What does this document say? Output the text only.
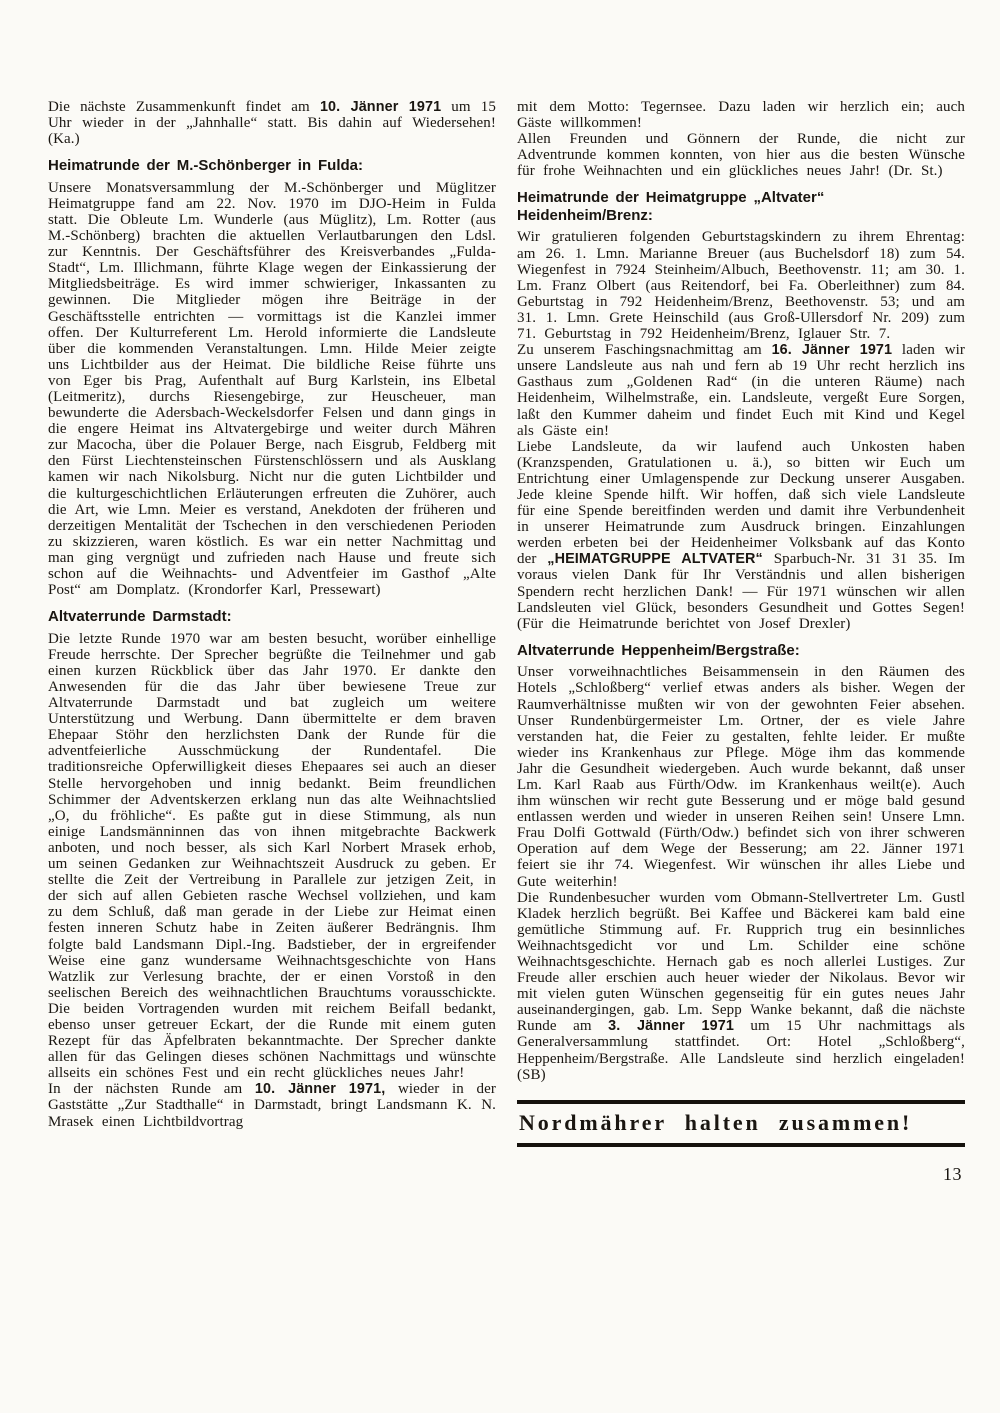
Die nächste Zusammenkunft findet am 10. Jänner 1971 um 15 Uhr wieder in der „Jahnhalle“ statt. Bis dahin auf Wiedersehen! (Ka.)

Heimatrunde der M.-Schönberger in Fulda:

Unsere Monatsversammlung der M.-Schönberger und Müglitzer Heimatgruppe fand am 22. Nov. 1970 im DJO-Heim in Fulda statt. Die Obleute Lm. Wunderle (aus Müglitz), Lm. Rotter (aus M.-Schönberg) brachten die aktuellen Verlautbarungen den Ldsl. zur Kenntnis. Der Geschäftsführer des Kreisverbandes „Fulda-Stadt“, Lm. Illichmann, führte Klage wegen der Einkassierung der Mitgliedsbeiträge. Es wird immer schwieriger, Inkassanten zu gewinnen. Die Mitglieder mögen ihre Beiträge in der Geschäftsstelle entrichten — vormittags ist die Kanzlei immer offen. Der Kulturreferent Lm. Herold informierte die Landsleute über die kommenden Veranstaltungen. Lmn. Hilde Meier zeigte uns Lichtbilder aus der Heimat. Die bildliche Reise führte uns von Eger bis Prag, Aufenthalt auf Burg Karlstein, ins Elbetal (Leitmeritz), durchs Riesengebirge, zur Heuscheuer, man bewunderte die Adersbach-Weckelsdorfer Felsen und dann gings in die engere Heimat ins Altvatergebirge und weiter durch Mähren zur Macocha, über die Polauer Berge, nach Eisgrub, Feldberg mit den Fürst Liechtensteinschen Fürstenschlössern und als Ausklang kamen wir nach Nikolsburg. Nicht nur die guten Lichtbilder und die kulturgeschichtlichen Erläuterungen erfreuten die Zuhörer, auch die Art, wie Lmn. Meier es verstand, Anekdoten der früheren und derzeitigen Mentalität der Tschechen in den verschiedenen Perioden zu skizzieren, waren köstlich. Es war ein netter Nachmittag und man ging vergnügt und zufrieden nach Hause und freute sich schon auf die Weihnachts- und Adventfeier im Gasthof „Alte Post“ am Domplatz. (Krondorfer Karl, Pressewart)

Altvaterrunde Darmstadt:

Die letzte Runde 1970 war am besten besucht, worüber einhellige Freude herrschte. Der Sprecher begrüßte die Teilnehmer und gab einen kurzen Rückblick über das Jahr 1970. Er dankte den Anwesenden für die das Jahr über bewiesene Treue zur Altvaterrunde Darmstadt und bat zugleich um weitere Unterstützung und Werbung. Dann übermittelte er dem braven Ehepaar Stöhr den herzlichsten Dank der Runde für die adventfeierliche Ausschmückung der Rundentafel. Die traditionsreiche Opferwilligkeit dieses Ehepaares sei auch an dieser Stelle hervorgehoben und innig bedankt. Beim freundlichen Schimmer der Adventskerzen erklang nun das alte Weihnachtslied „O, du fröhliche“. Es paßte gut in diese Stimmung, als nun einige Landsmänninnen das von ihnen mitgebrachte Backwerk anboten, und noch besser, als sich Karl Norbert Mrasek erhob, um seinen Gedanken zur Weihnachtszeit Ausdruck zu geben. Er stellte die Zeit der Vertreibung in Parallele zur jetzigen Zeit, in der sich auf allen Gebieten rasche Wechsel vollziehen, und kam zu dem Schluß, daß man gerade in der Liebe zur Heimat einen festen inneren Schutz habe in Zeiten äußerer Bedrängnis. Ihm folgte bald Landsmann Dipl.-Ing. Badstieber, der in ergreifender Weise eine ganz wundersame Weihnachtsgeschichte von Hans Watzlik zur Verlesung brachte, der er einen Vorstoß in den seelischen Bereich des weihnachtlichen Brauchtums vorausschickte. Die beiden Vortragenden wurden mit reichem Beifall bedankt, ebenso unser getreuer Eckart, der die Runde mit einem guten Rezept für das Äpfelbraten bekanntmachte. Der Sprecher dankte allen für das Gelingen dieses schönen Nachmittags und wünschte allseits ein schönes Fest und ein recht glückliches neues Jahr!

In der nächsten Runde am 10. Jänner 1971, wieder in der Gaststätte „Zur Stadthalle“ in Darmstadt, bringt Landsmann K. N. Mrasek einen Lichtbildvortrag

mit dem Motto: Tegernsee. Dazu laden wir herzlich ein; auch Gäste willkommen!

Allen Freunden und Gönnern der Runde, die nicht zur Adventrunde kommen konnten, von hier aus die besten Wünsche für frohe Weihnachten und ein glückliches neues Jahr! (Dr. St.)

Heimatrunde der Heimatgruppe „Altvater“ Heidenheim/Brenz:

Wir gratulieren folgenden Geburtstagskindern zu ihrem Ehrentag: am 26. 1. Lmn. Marianne Breuer (aus Buchelsdorf 18) zum 54. Wiegenfest in 7924 Steinheim/Albuch, Beethovenstr. 11; am 30. 1. Lm. Franz Olbert (aus Reitendorf, bei Fa. Oberleithner) zum 84. Geburtstag in 792 Heidenheim/Brenz, Beethovenstr. 53; und am 31. 1. Lmn. Grete Heinschild (aus Groß-Ullersdorf Nr. 209) zum 71. Geburtstag in 792 Heidenheim/Brenz, Iglauer Str. 7.

Zu unserem Faschingsnachmittag am 16. Jänner 1971 laden wir unsere Landsleute aus nah und fern ab 19 Uhr recht herzlich ins Gasthaus zum „Goldenen Rad“ (in die unteren Räume) nach Heidenheim, Wilhelmstraße, ein. Landsleute, vergeßt Eure Sorgen, laßt den Kummer daheim und findet Euch mit Kind und Kegel als Gäste ein!

Liebe Landsleute, da wir laufend auch Unkosten haben (Kranzspenden, Gratulationen u. ä.), so bitten wir Euch um Entrichtung einer Umlagenspende zur Deckung unserer Ausgaben. Jede kleine Spende hilft. Wir hoffen, daß sich viele Landsleute für eine Spende bereitfinden werden und damit ihre Verbundenheit in unserer Heimatrunde zum Ausdruck bringen. Einzahlungen werden erbeten bei der Heidenheimer Volksbank auf das Konto der „HEIMATGRUPPE ALTVATER“ Sparbuch-Nr. 31 31 35. Im voraus vielen Dank für Ihr Verständnis und allen bisherigen Spendern recht herzlichen Dank! — Für 1971 wünschen wir allen Landsleuten viel Glück, besonders Gesundheit und Gottes Segen! (Für die Heimatrunde berichtet von Josef Drexler)

Altvaterrunde Heppenheim/Bergstraße:

Unser vorweihnachtliches Beisammensein in den Räumen des Hotels „Schloßberg“ verlief etwas anders als bisher. Wegen der Raumverhältnisse mußten wir von der gewohnten Feier absehen. Unser Rundenbürgermeister Lm. Ortner, der es viele Jahre verstanden hat, die Feier zu gestalten, fehlte leider. Er mußte wieder ins Krankenhaus zur Pflege. Möge ihm das kommende Jahr die Gesundheit wiedergeben. Auch wurde bekannt, daß unser Lm. Karl Raab aus Fürth/Odw. im Krankenhaus weilt(e). Auch ihm wünschen wir recht gute Besserung und er möge bald gesund entlassen werden und wieder in unseren Reihen sein! Unsere Lmn. Frau Dolfi Gottwald (Fürth/Odw.) befindet sich von ihrer schweren Operation auf dem Wege der Besserung; am 22. Jänner 1971 feiert sie ihr 74. Wiegenfest. Wir wünschen ihr alles Liebe und Gute weiterhin!

Die Rundenbesucher wurden vom Obmann-Stellvertreter Lm. Gustl Kladek herzlich begrüßt. Bei Kaffee und Bäckerei kam bald eine gemütliche Stimmung auf. Fr. Rupprich trug ein besinnliches Weihnachtsgedicht vor und Lm. Schilder eine schöne Weihnachtsgeschichte. Hernach gab es noch allerlei Lustiges. Zur Freude aller erschien auch heuer wieder der Nikolaus. Bevor wir mit vielen guten Wünschen gegenseitig für ein gutes neues Jahr auseinandergingen, gab. Lm. Sepp Wanke bekannt, daß die nächste Runde am 3. Jänner 1971 um 15 Uhr nachmittags als Generalversammlung stattfindet. Ort: Hotel „Schloßberg“, Heppenheim/Bergstraße. Alle Landsleute sind herzlich eingeladen! (SB)

Nordmährer halten zusammen!
13
